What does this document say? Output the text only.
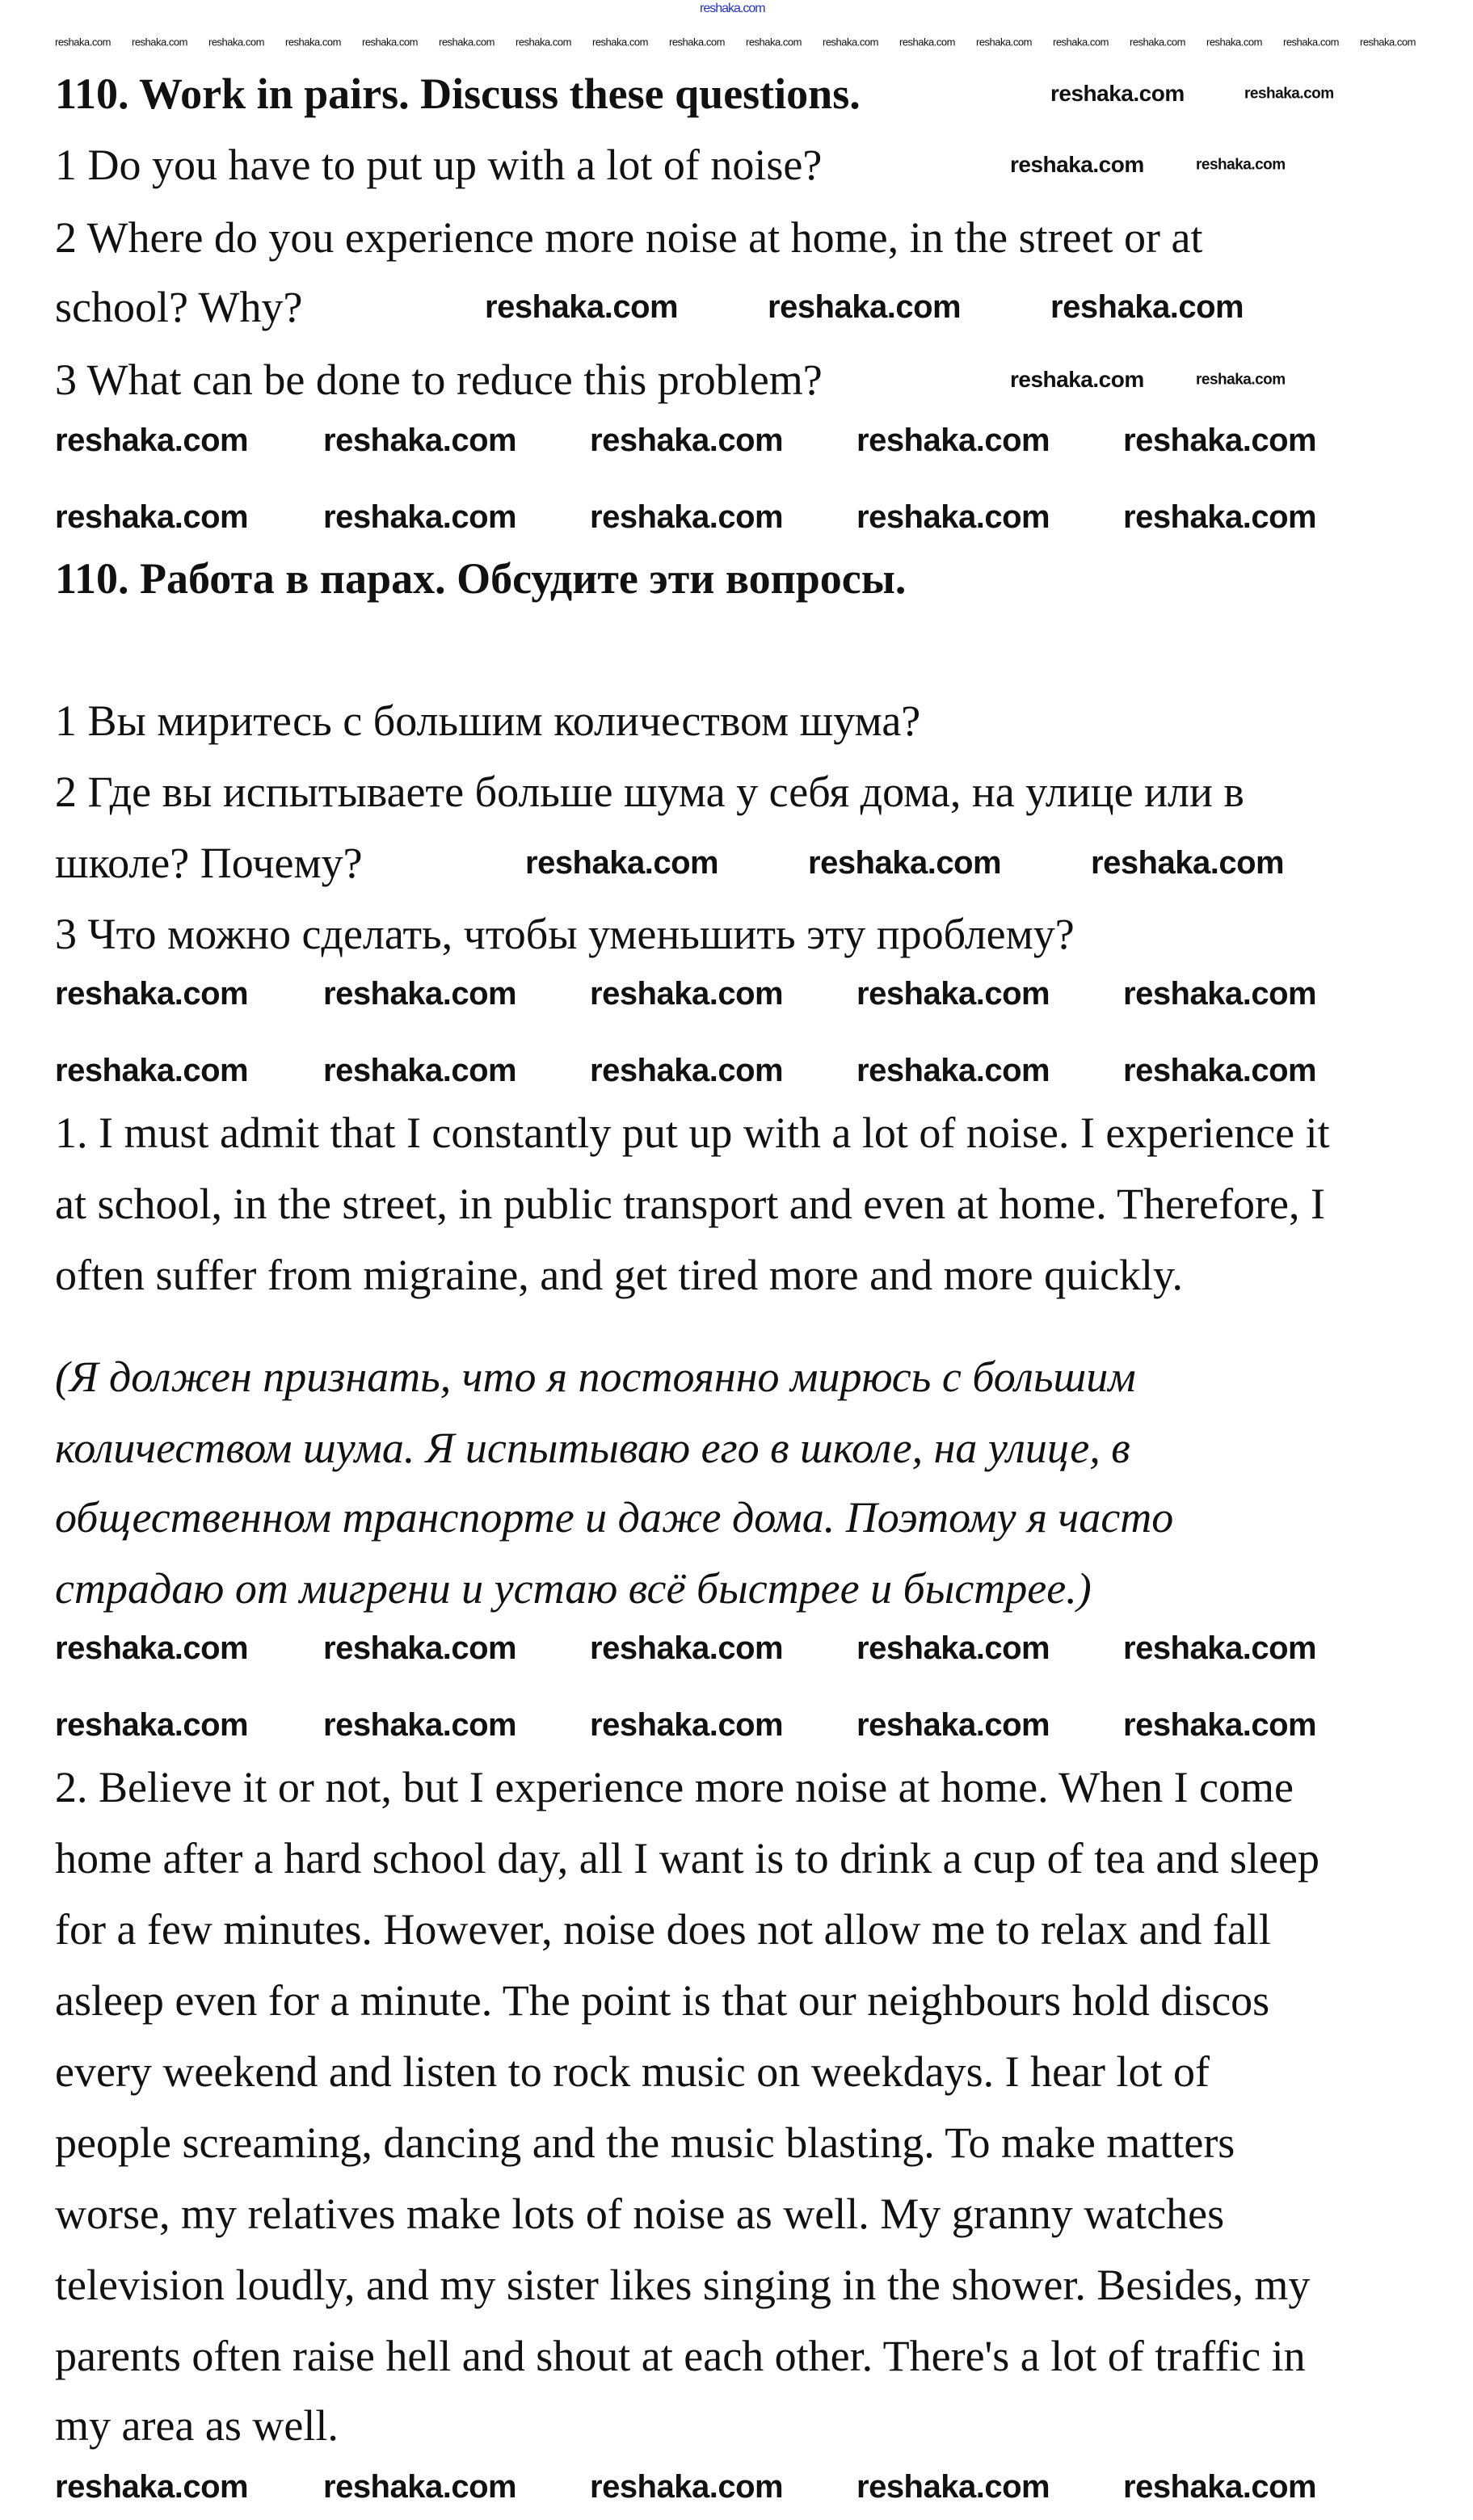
reshaka.com
110. Work in pairs. Discuss these questions.
1 Do you have to put up with a lot of noise?
2 Where do you experience more noise at home, in the street or at
school? Why?
3 What can be done to reduce this problem?
110. Работа в парах. Обсудите эти вопросы.
1 Вы миритесь с большим количеством шума?
2 Где вы испытываете больше шума у себя дома, на улице или в
школе? Почему?
3 Что можно сделать, чтобы уменьшить эту проблему?
1. I must admit that I constantly put up with a lot of noise. I experience it
at school, in the street, in public transport and even at home. Therefore, I
often suffer from migraine, and get tired more and more quickly.
(Я должен признать, что я постоянно мирюсь с большим
количеством шума. Я испытываю его в школе, на улице, в
общественном транспорте и даже дома. Поэтому я часто
страдаю от мигрени и устаю всё быстрее и быстрее.)
2. Believe it or not, but I experience more noise at home. When I come
home after a hard school day, all I want is to drink a cup of tea and sleep
for a few minutes. However, noise does not allow me to relax and fall
asleep even for a minute. The point is that our neighbours hold discos
every weekend and listen to rock music on weekdays. I hear lot of
people screaming, dancing and the music blasting. To make matters
worse, my relatives make lots of noise as well. My granny watches
television loudly, and my sister likes singing in the shower. Besides, my
parents often raise hell and shout at each other. There's a lot of traffic in
my area as well.
reshaka.com reshaka.com reshaka.com reshaka.com reshaka.com
reshaka.com reshaka.com reshaka.com reshaka.com reshaka.com
reshaka.com reshaka.com reshaka.com reshaka.com reshaka.com
reshaka.com reshaka.com reshaka.com reshaka.com reshaka.com
reshaka.com reshaka.com reshaka.com reshaka.com reshaka.com
reshaka.com reshaka.com reshaka.com reshaka.com reshaka.com
reshaka.com reshaka.com reshaka.com reshaka.com reshaka.com
reshaka.com	reshaka.com	reshaka.com
reshaka.com	reshaka.com	reshaka.com
reshaka.com	reshaka.com
reshaka.com	reshaka.com
reshaka.com	reshaka.com
reshaka.com reshaka.com reshaka.com reshaka.com reshaka.com reshaka.com reshaka.com reshaka.com reshaka.com reshaka.com reshaka.com reshaka.com reshaka.com reshaka.com reshaka.com reshaka.com reshaka.com reshaka.com
